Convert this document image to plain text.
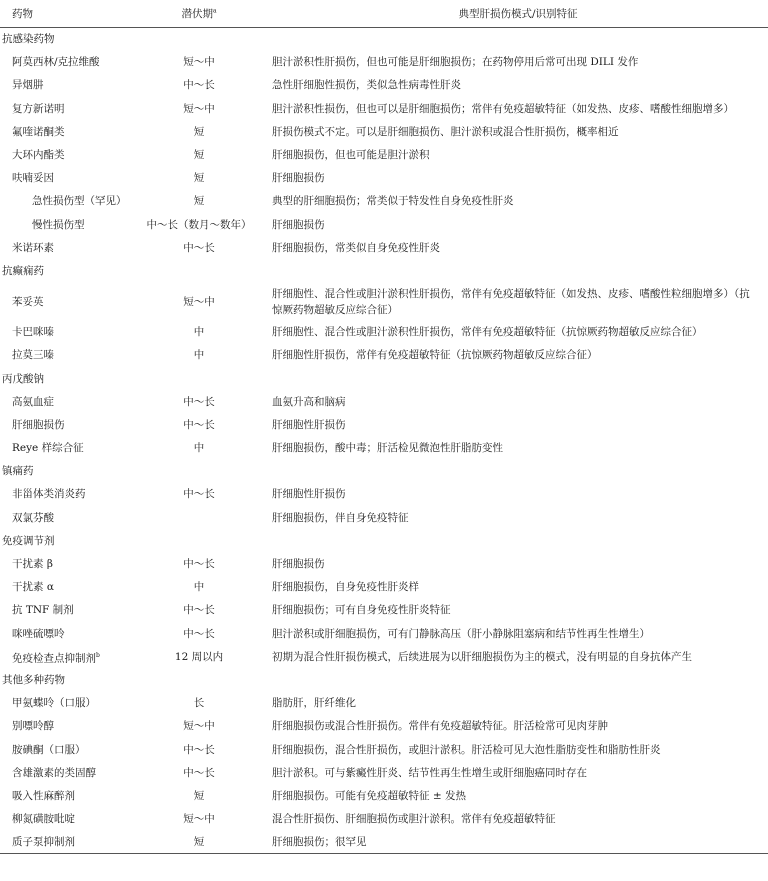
药物	潜伏期$^a$	典型肝损伤模式/识别特征
抗感染药物		
阿莫西林/克拉维酸	短～中	胆汁淤积性肝损伤，但也可能是肝细胞损伤；在药物停用后常可出现 DILI 发作
异烟肼	中～长	急性肝细胞性损伤，类似急性病毒性肝炎
复方新诺明	短～中	胆汁淤积性损伤，但也可以是肝细胞损伤；常伴有免疫超敏特征（如发热、皮疹、嗜酸性细胞增多）
氟喹诺酮类	短	肝损伤模式不定。可以是肝细胞损伤、胆汁淤积或混合性肝损伤，概率相近
大环内酯类	短	肝细胞损伤，但也可能是胆汁淤积
呋喃妥因	短	肝细胞损伤
急性损伤型（罕见）	短	典型的肝细胞损伤；常类似于特发性自身免疫性肝炎
慢性损伤型	中～长（数月～数年）	肝细胞损伤
米诺环素	中～长	肝细胞损伤，常类似自身免疫性肝炎
抗癫痫药		
苯妥英	短～中	肝细胞性、混合性或胆汁淤积性肝损伤，常伴有免疫超敏特征（如发热、皮疹、嗜酸性粒细胞增多）（抗惊厥药物超敏反应综合征）
卡巴咪嗪	中	肝细胞性、混合性或胆汁淤积性肝损伤，常伴有免疫超敏特征（抗惊厥药物超敏反应综合征）
拉莫三嗪	中	肝细胞性肝损伤，常伴有免疫超敏特征（抗惊厥药物超敏反应综合征）
丙戊酸钠		
高氨血症	中～长	血氨升高和脑病
肝细胞损伤	中～长	肝细胞性肝损伤
Reye 样综合征	中	肝细胞损伤，酸中毒；肝活检见微泡性肝脂肪变性
镇痛药		
非甾体类消炎药	中～长	肝细胞性肝损伤
双氯芬酸		肝细胞损伤，伴自身免疫特征
免疫调节剂		
干扰素 β	中～长	肝细胞损伤
干扰素 α	中	肝细胞损伤，自身免疫性肝炎样
抗 TNF 制剂	中～长	肝细胞损伤；可有自身免疫性肝炎特征
咪唑硫嘌呤	中～长	胆汁淤积或肝细胞损伤，可有门静脉高压（肝小静脉阻塞病和结节性再生性增生）
免疫检查点抑制剂$^b$	12 周以内	初期为混合性肝损伤模式，后续进展为以肝细胞损伤为主的模式，没有明显的自身抗体产生
其他多种药物		
甲氨蝶呤（口服）	长	脂肪肝，肝纤维化
别嘌呤醇	短～中	肝细胞损伤或混合性肝损伤。常伴有免疫超敏特征。肝活检常可见肉芽肿
胺碘酮（口服）	中～长	肝细胞损伤，混合性肝损伤，或胆汁淤积。肝活检可见大泡性脂肪变性和脂肪性肝炎
含雄激素的类固醇	中～长	胆汁淤积。可与紫癜性肝炎、结节性再生性增生或肝细胞癌同时存在
吸入性麻醉剂	短	肝细胞损伤。可能有免疫超敏特征 ± 发热
柳氮磺胺吡啶	短～中	混合性肝损伤、肝细胞损伤或胆汁淤积。常伴有免疫超敏特征
质子泵抑制剂	短	肝细胞损伤；很罕见
